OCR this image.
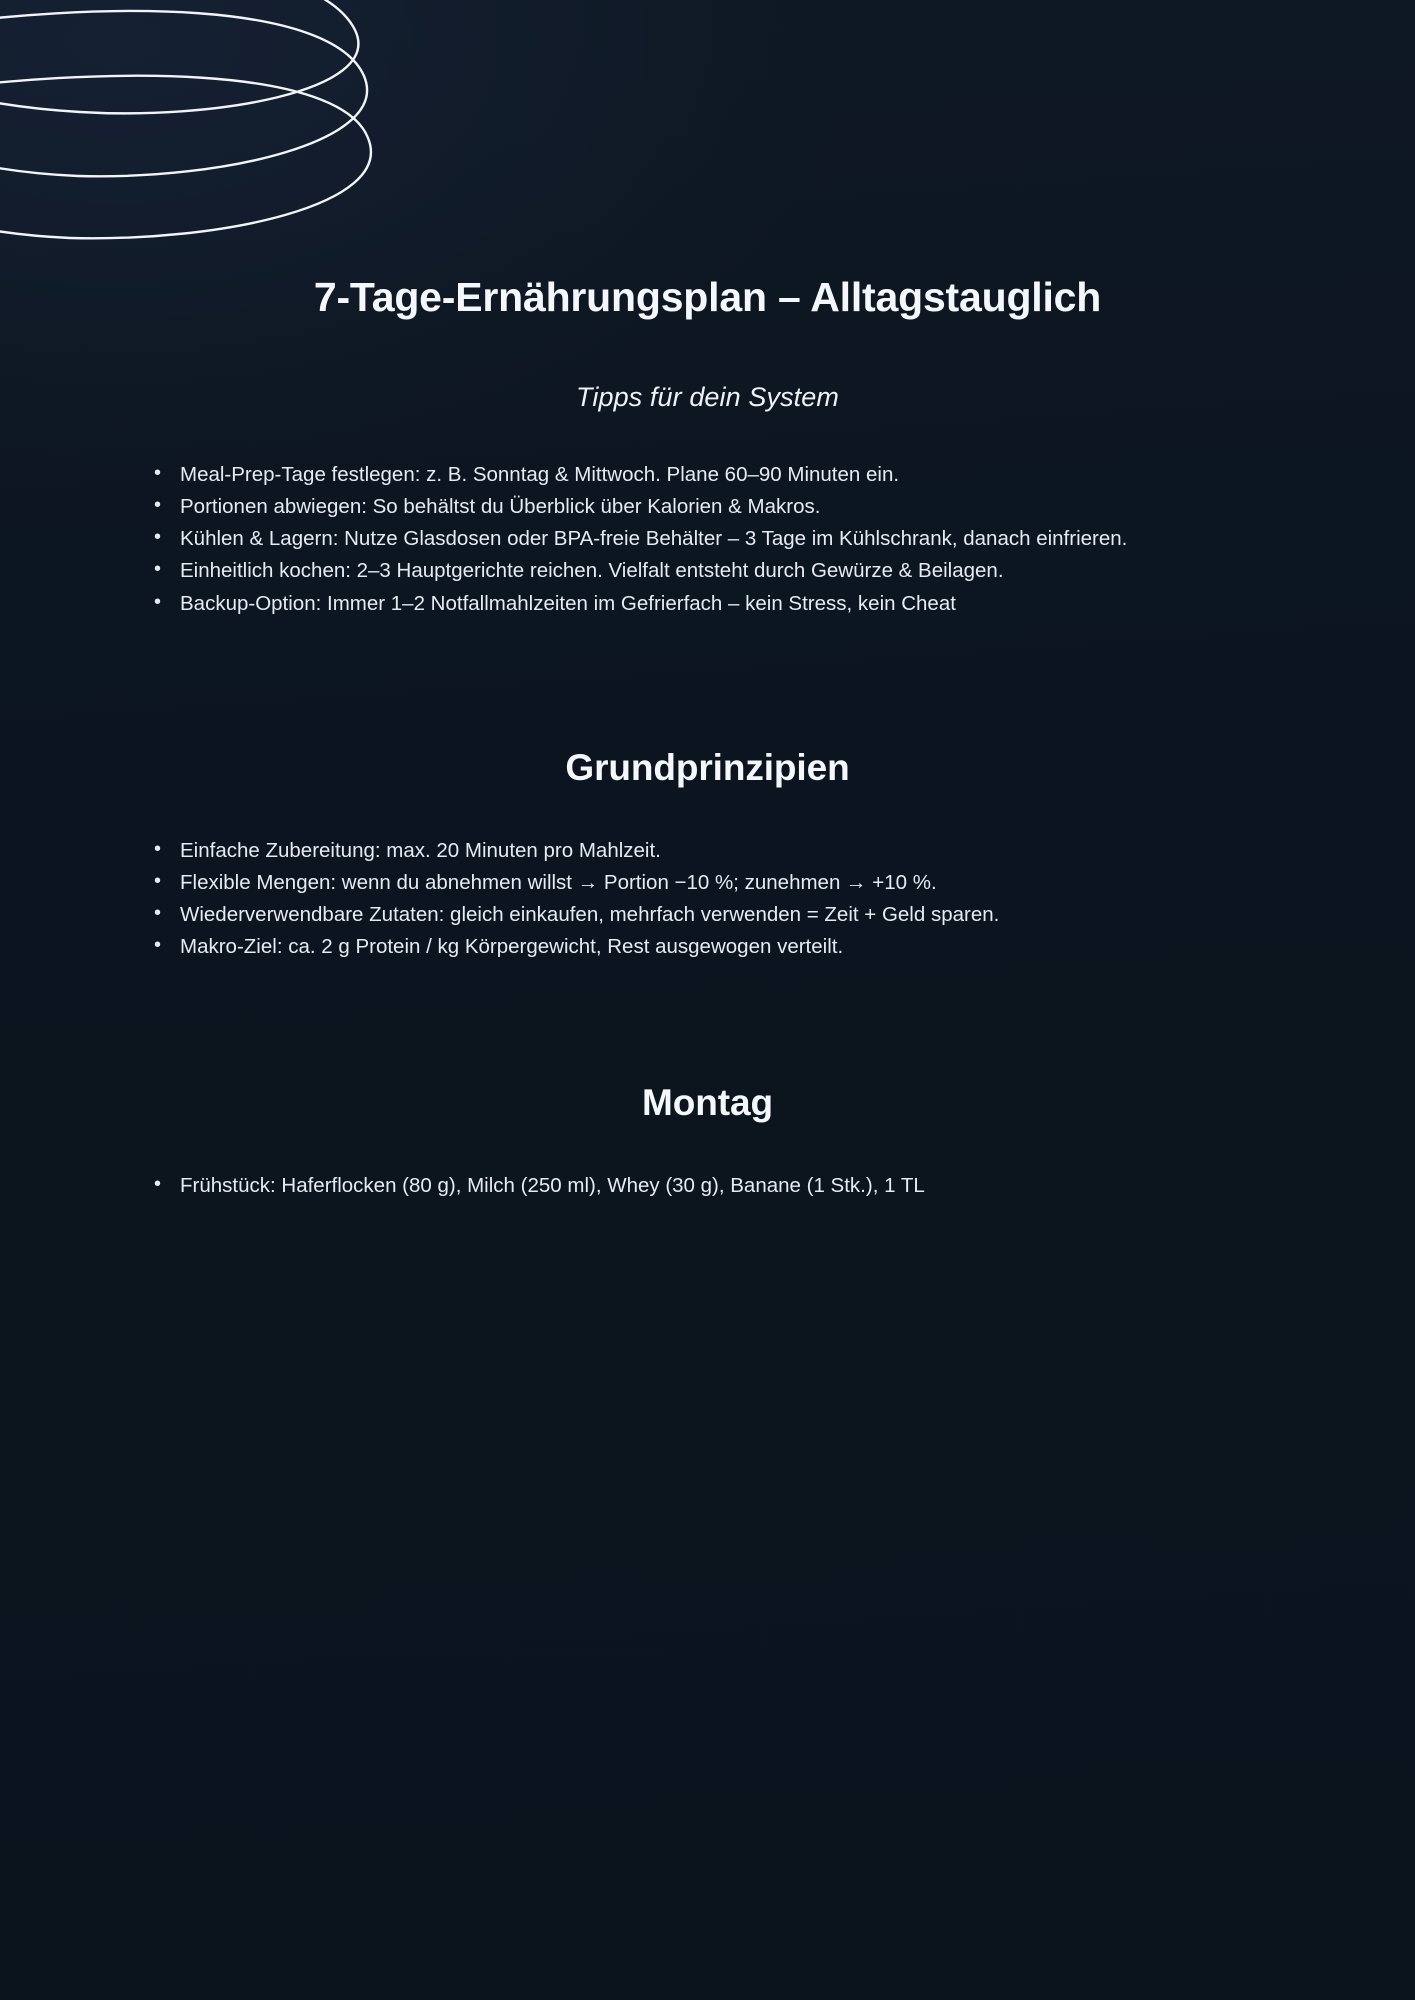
7-Tage-Ernährungsplan – Alltagstauglich
Tipps für dein System
• Meal-Prep-Tage festlegen: z. B. Sonntag & Mittwoch. Plane 60–90 Minuten ein.
• Portionen abwiegen: So behältst du Überblick über Kalorien & Makros.
• Kühlen & Lagern: Nutze Glasdosen oder BPA-freie Behälter – 3 Tage im Kühlschrank, danach einfrieren.
• Einheitlich kochen: 2–3 Hauptgerichte reichen. Vielfalt entsteht durch Gewürze & Beilagen.
• Backup-Option: Immer 1–2 Notfallmahlzeiten im Gefrierfach – kein Stress, kein Cheat
Grundprinzipien
• Einfache Zubereitung: max. 20 Minuten pro Mahlzeit.
• Flexible Mengen: wenn du abnehmen willst → Portion −10 %; zunehmen → +10 %.
• Wiederverwendbare Zutaten: gleich einkaufen, mehrfach verwenden = Zeit + Geld sparen.
• Makro-Ziel: ca. 2 g Protein / kg Körpergewicht, Rest ausgewogen verteilt.
Montag
• Frühstück: Haferflocken (80 g), Milch (250 ml), Whey (30 g), Banane (1 Stk.), 1 TL
